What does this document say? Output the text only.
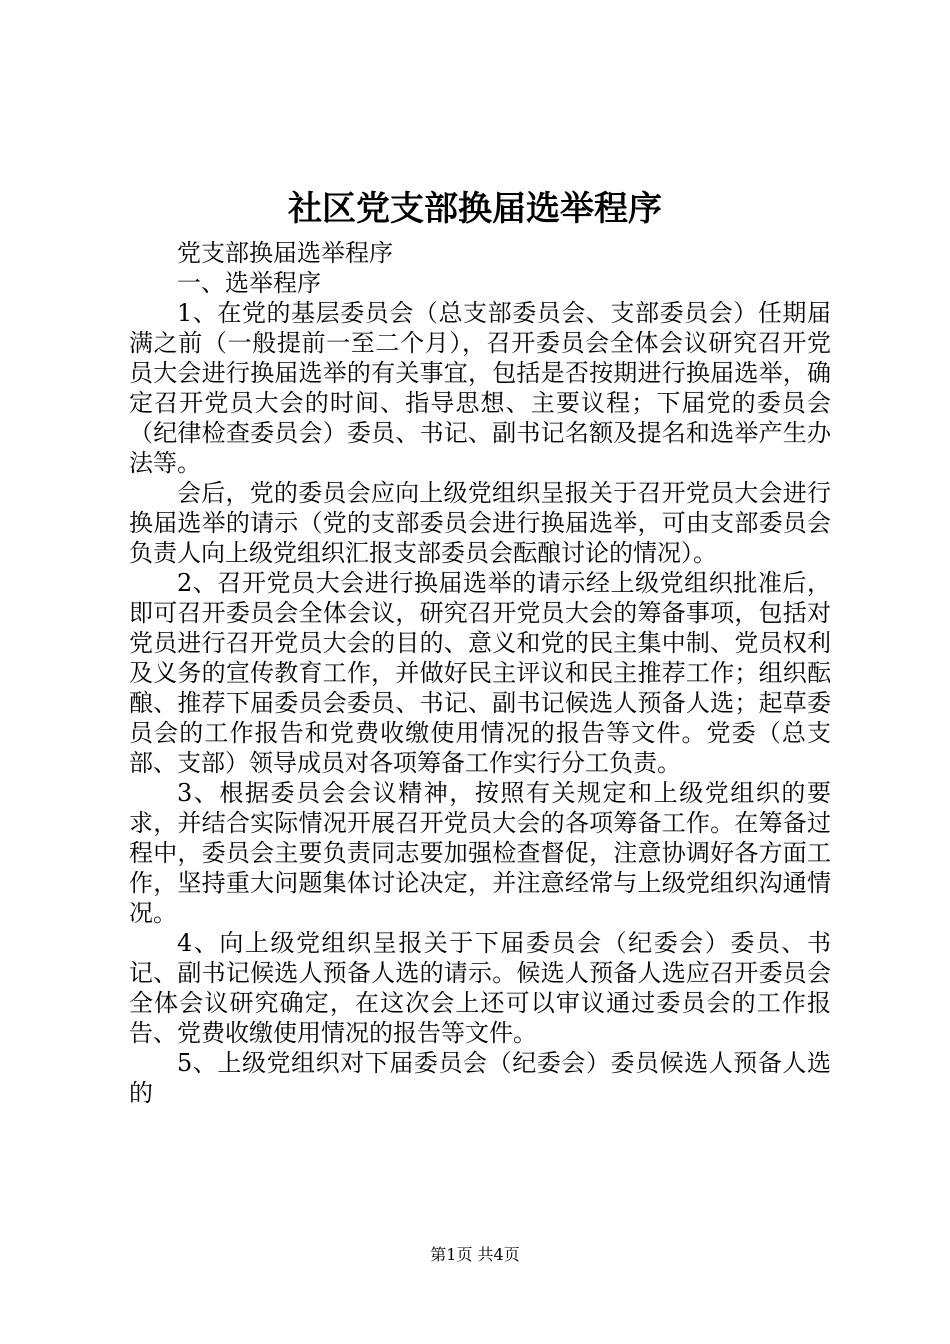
社区党支部换届选举程序

党支部换届选举程序

一、选举程序

1、在党的基层委员会（总支部委员会、支部委员会）任期届满之前（一般提前一至二个月），召开委员会全体会议研究召开党员大会进行换届选举的有关事宜，包括是否按期进行换届选举，确定召开党员大会的时间、指导思想、主要议程；下届党的委员会（纪律检查委员会）委员、书记、副书记名额及提名和选举产生办法等。

会后，党的委员会应向上级党组织呈报关于召开党员大会进行换届选举的请示（党的支部委员会进行换届选举，可由支部委员会负责人向上级党组织汇报支部委员会酝酿讨论的情况）。

2、召开党员大会进行换届选举的请示经上级党组织批准后，即可召开委员会全体会议，研究召开党员大会的筹备事项，包括对党员进行召开党员大会的目的、意义和党的民主集中制、党员权利及义务的宣传教育工作，并做好民主评议和民主推荐工作；组织酝酿、推荐下届委员会委员、书记、副书记候选人预备人选；起草委员会的工作报告和党费收缴使用情况的报告等文件。党委（总支部、支部）领导成员对各项筹备工作实行分工负责。

3、根据委员会会议精神，按照有关规定和上级党组织的要求，并结合实际情况开展召开党员大会的各项筹备工作。在筹备过程中，委员会主要负责同志要加强检查督促，注意协调好各方面工作，坚持重大问题集体讨论决定，并注意经常与上级党组织沟通情况。

4、向上级党组织呈报关于下届委员会（纪委会）委员、书记、副书记候选人预备人选的请示。候选人预备人选应召开委员会全体会议研究确定，在这次会上还可以审议通过委员会的工作报告、党费收缴使用情况的报告等文件。

5、上级党组织对下届委员会（纪委会）委员候选人预备人选的

第1页 共4页
